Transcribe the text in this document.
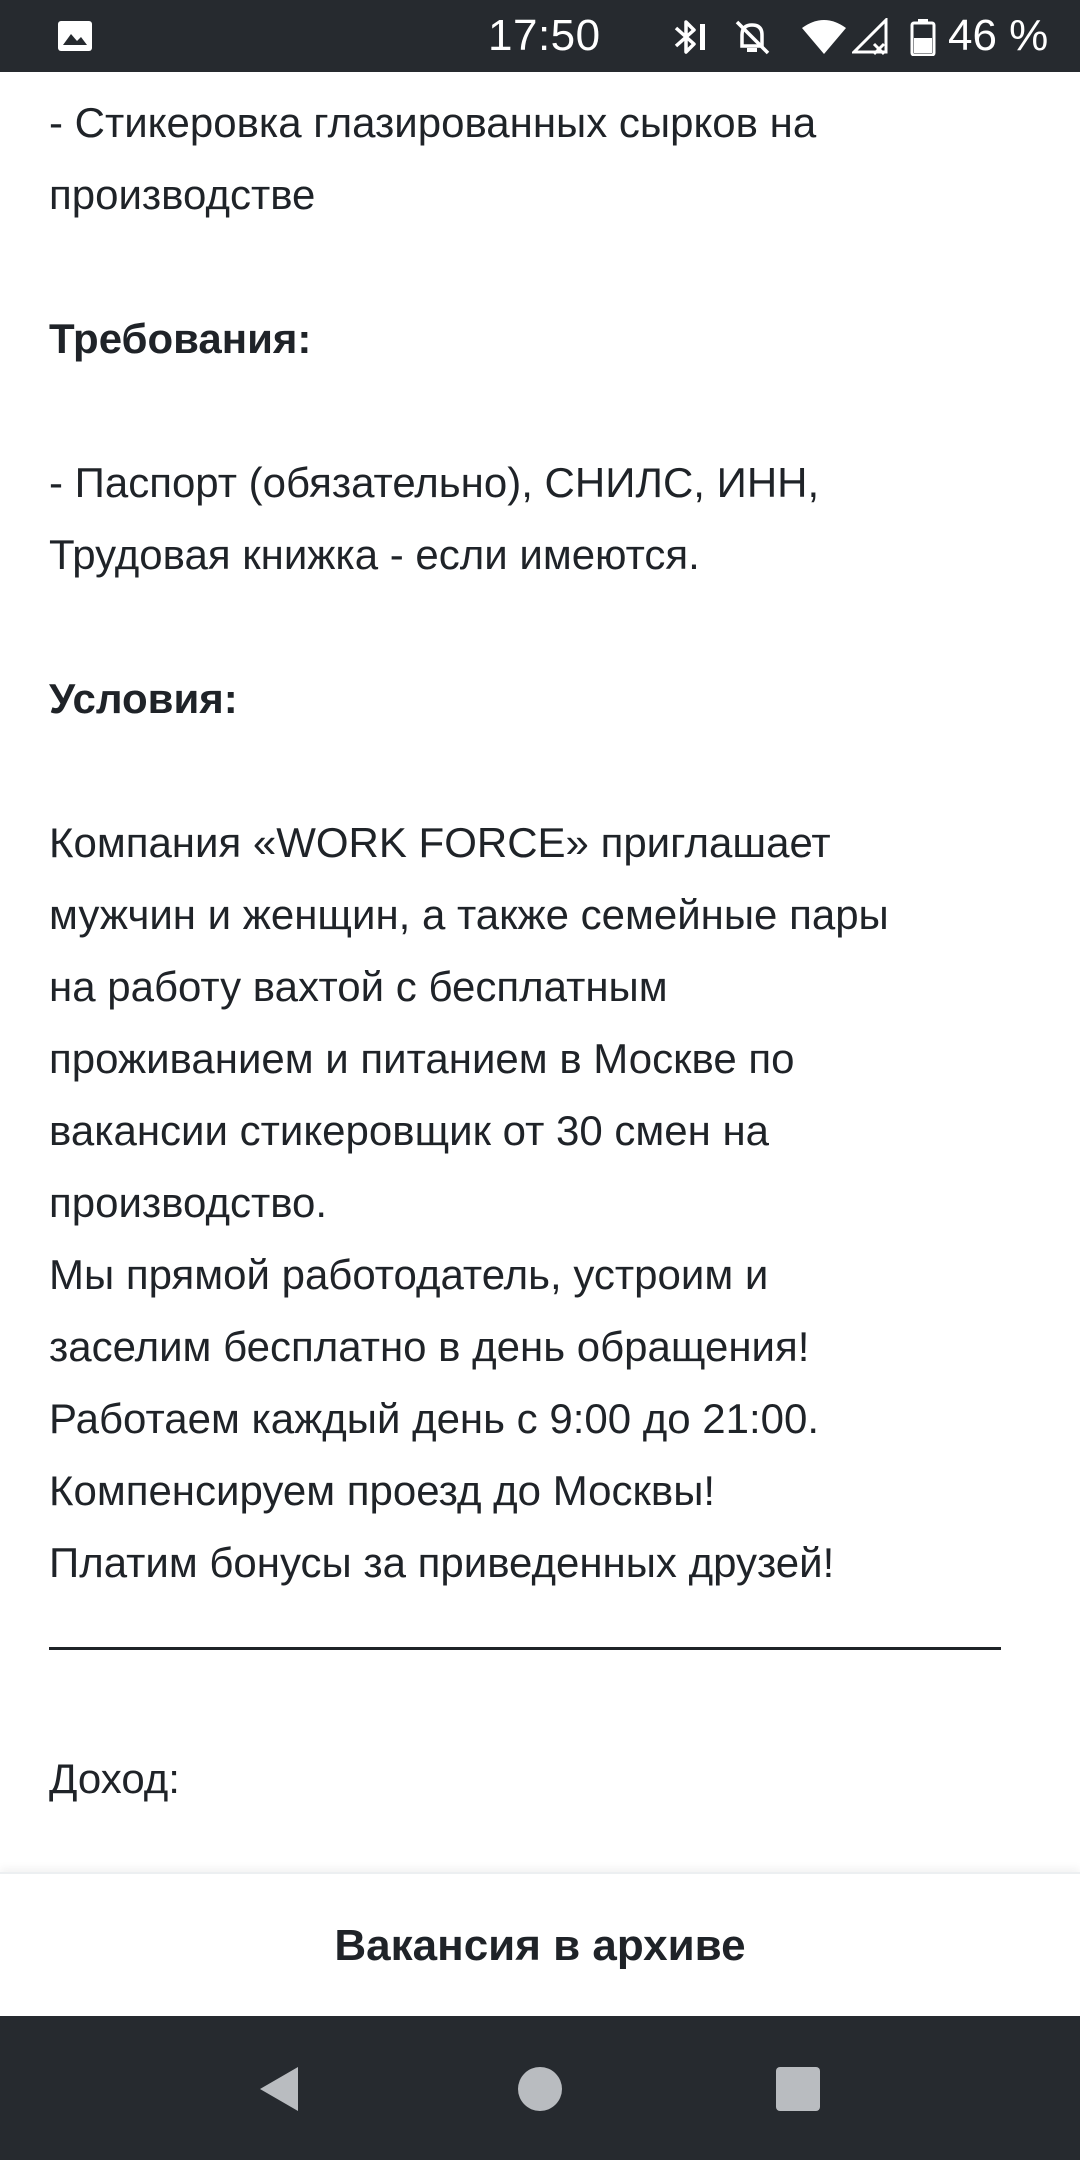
17:50	46 %
- Стикеровка глазированных сырков на
производстве
Требования:
- Паспорт (обязательно), СНИЛС, ИНН,
Трудовая книжка - если имеются.
Условия:
Компания «WORK FORCE» приглашает
мужчин и женщин, а также семейные пары
на работу вахтой с бесплатным
проживанием и питанием в Москве по
вакансии стикеровщик от 30 смен на
производство.
Мы прямой работодатель, устроим и
заселим бесплатно в день обращения!
Работаем каждый день с 9:00 до 21:00.
Компенсируем проезд до Москвы!
Платим бонусы за приведенных друзей!
Доход:
Вакансия в архиве
